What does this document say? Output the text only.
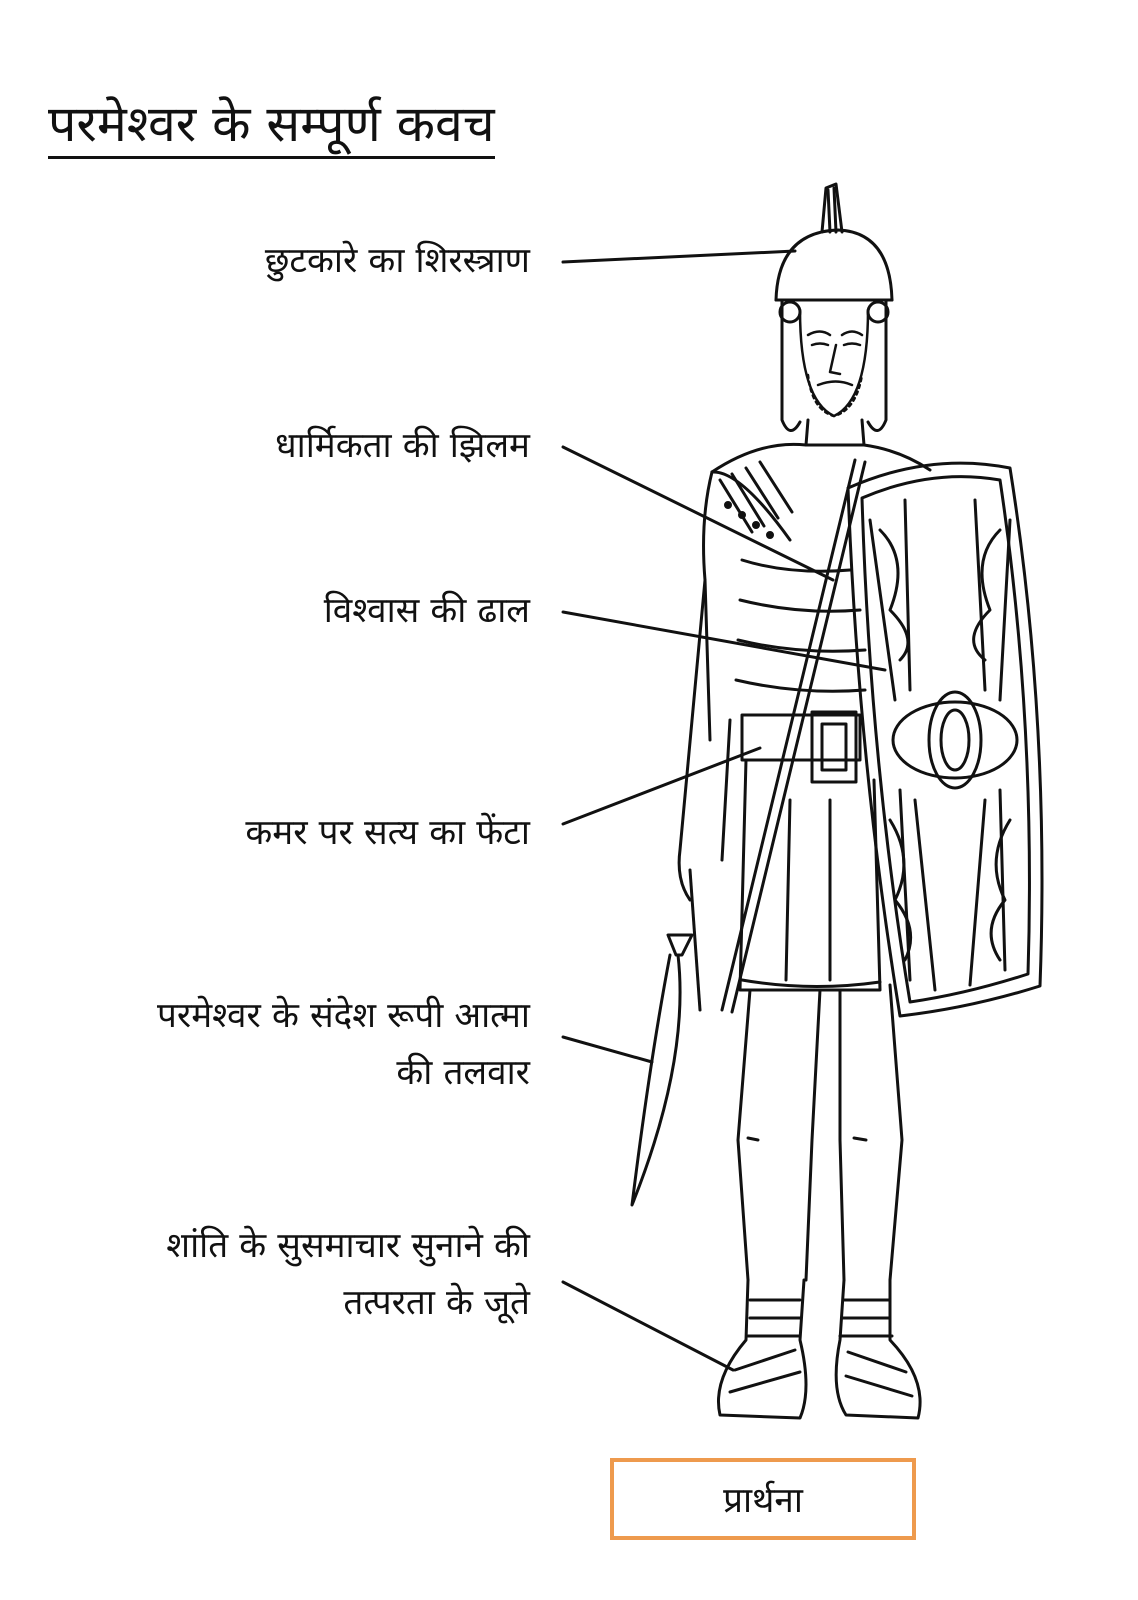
परमेश्वर के सम्पूर्ण कवच
छुटकारे का शिरस्त्राण
धार्मिकता की झिलम
विश्वास की ढाल
कमर पर सत्य का फेंटा
परमेश्वर के संदेश रूपी आत्मा
की तलवार
शांति के सुसमाचार सुनाने की
तत्परता के जूते
प्रार्थना
